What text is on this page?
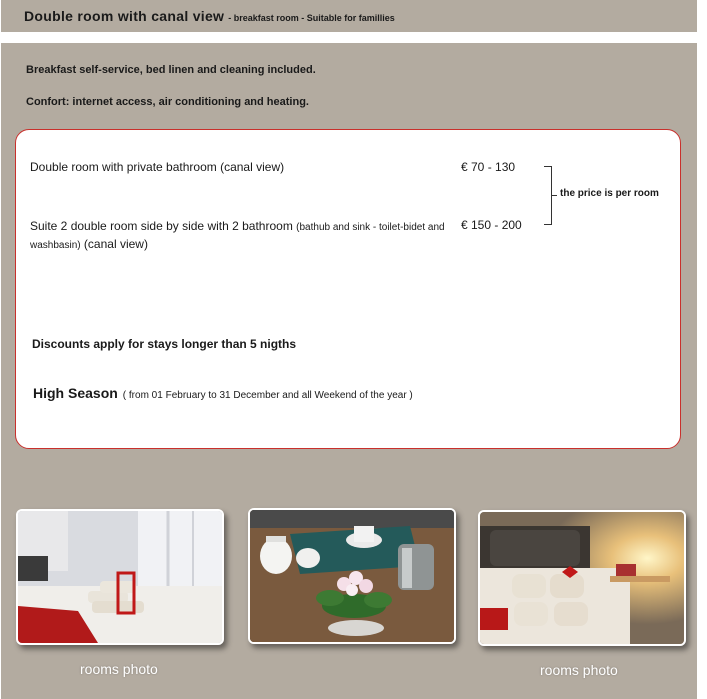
Double room with canal view - breakfast room - Suitable for famillies
Breakfast self-service, bed linen and cleaning included.
Confort: internet access, air conditioning and heating.
Double room with private bathroom (canal view)	€ 70 - 130
Suite 2 double room side by side with 2 bathroom (bathub and sink - toilet-bidet and washbasin) (canal view)
€ 150 - 200
the price is per room
Discounts apply for stays longer than 5 nigths
High Season ( from 01 February to 31 December and all Weekend of the year )
rooms photo	rooms photo
